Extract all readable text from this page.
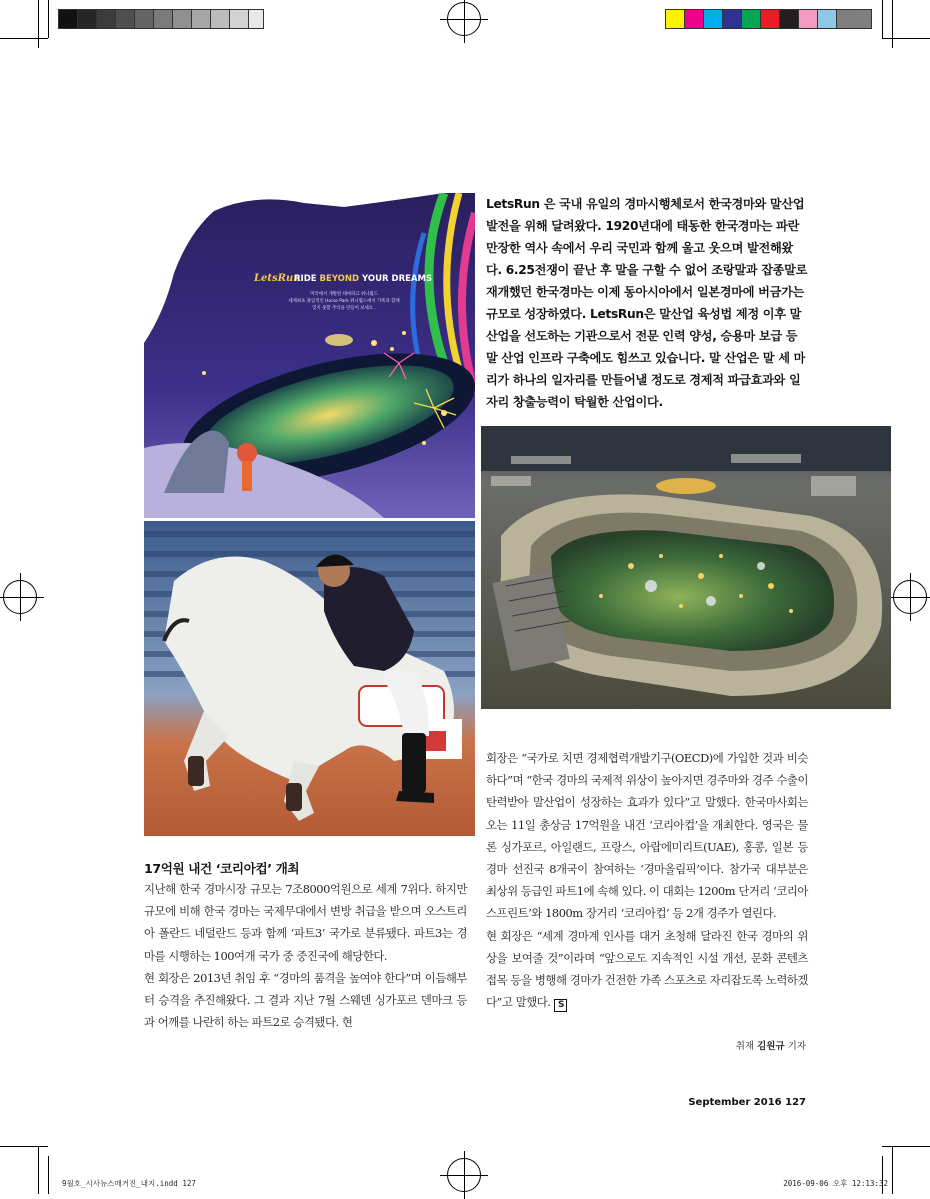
LetsRun
RIDE BEYOND YOUR DREAMS
미국에서 개발된 테마파크 위니월드
세계최초 몰입적인 Horse Park 위니월드에서 가족과 함께
잊지 못할 추억을 만들어 보세요 .

LetsRun 은 국내 유일의 경마시행체로서 한국경마와 말산업 발전을 위해 달려왔다. 1920년대에 태동한 한국경마는 파란만장한 역사 속에서 우리 국민과 함께 울고 웃으며 발전해왔다. 6.25전쟁이 끝난 후 말을 구할 수 없어 조랑말과 잡종말로 재개했던 한국경마는 이제 동아시아에서 일본경마에 버금가는 규모로 성장하였다. LetsRun은 말산업 육성법 제정 이후 말 산업을 선도하는 기관으로서 전문 인력 양성, 승용마 보급 등 말 산업 인프라 구축에도 힘쓰고 있습니다. 말 산업은 말 세 마리가 하나의 일자리를 만들어낼 정도로 경제적 파급효과와 일자리 창출능력이 탁월한 산업이다.

17억원 내건 ‘코리아컵’ 개최

지난해 한국 경마시장 규모는 7조8000억원으로 세계 7위다. 하지만 규모에 비해 한국 경마는 국제무대에서 변방 취급을 받으며 오스트리아 폴란드 네덜란드 등과 함께 ‘파트3’ 국가로 분류됐다. 파트3는 경마를 시행하는 100여개 국가 중 중진국에 해당한다.

현 회장은 2013년 취임 후 “경마의 품격을 높여야 한다”며 이듬해부터 승격을 추진해왔다. 그 결과 지난 7월 스웨덴 싱가포르 덴마크 등과 어깨를 나란히 하는 파트2로 승격됐다. 현

회장은 “국가로 치면 경제협력개발기구(OECD)에 가입한 것과 비슷하다”며 “한국 경마의 국제적 위상이 높아지면 경주마와 경주 수출이 탄력받아 말산업이 성장하는 효과가 있다”고 말했다. 한국마사회는 오는 11일 총상금 17억원을 내건 ‘코리아컵’을 개최한다. 영국은 물론 싱가포르, 아일랜드, 프랑스, 아랍에미리트(UAE), 홍콩, 일본 등 경마 선진국 8개국이 참여하는 ‘경마올림픽’이다. 참가국 대부분은 최상위 등급인 파트1에 속해 있다. 이 대회는 1200m 단거리 ‘코리아스프린트’와 1800m 장거리 ‘코리아컵’ 등 2개 경주가 열린다.

현 회장은 “세계 경마계 인사를 대거 초청해 달라진 한국 경마의 위상을 보여줄 것”이라며 “앞으로도 지속적인 시설 개선, 문화 콘텐츠 접목 등을 병행해 경마가 건전한 가족 스포츠로 자리잡도록 노력하겠다”고 말했다. S

취재 김원규 기자
September 2016 127
9월호_시사뉴스매거진_내지.indd 127	2016-09-06 오후 12:13:32
